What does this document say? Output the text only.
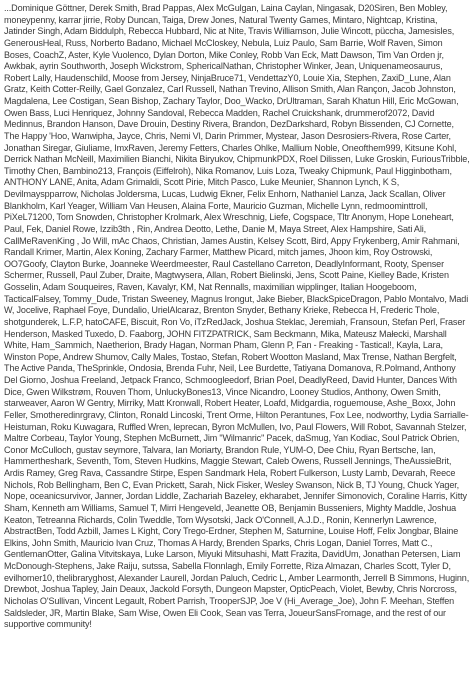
...Dominique Göttner, Derek Smith, Brad Pappas, Alex McGulgan, Laina Caylan, Ningasak, D20Siren, Ben Mobley, moneypenny, karrar jirrie, Roby Duncan, Taiga, Drew Jones, Natural Twenty Games, Mintaro, Nightcap, Kristina, Jatinder Singh, Adam Biddulph, Rebecca Hubbard, Nic at Nite, Travis Williamson, Julie Wincott, püccha, Jamesisles, GenerousHeal, Russ, Norberto Badano, Michael McCloskey, Nebula, Luiz Paulo, Sam Barrie, Wolf Raven, Simon Boses, CoachZ, Aster, Kyle Vuolenco, Dylan Dorton, Mike Conley, Robb Van Eck, Matt Dawson, Tim Van Orden jr, Awkbak, ayrin Southworth, Joseph Wickstrom, SphericalNathan, Christopher Winker, Jean, Uniquenameosaurus, Robert Lally, Haudenschild, Moose from Jersey, NinjaBruce71, VendettazY0, Louie Xia, Stephen, ZaxiD_Lune, Alan Gratz, Keith Cotter-Reilly, Gael Gonzalez, Carl Russell, Nathan Trevino, Allison Smith, Alan Rançon, Jacob Johnston, Magdalena, Lee Costigan, Sean Bishop, Zachary Taylor, Doo_Wacko, DrUltraman, Sarah Khatun Hill, Eric McGowan, Owen Bass, Luci Henriquez, Johnny Sandoval, Rebecca Madden, Rachel Cruickshank, drummerof2072, David Medinnus, Brandon Hanson, Dave Drouin, Destiny Rivera, Brandon, DezDarkshard, Robyn Bissenden, CJ Cornette, The Happy 'Hoo, Wanwipha, Jayce, Chris, Nemi Vl, Darin Primmer, Mystear, Jason Desrosiers-Rivera, Rose Carter, Jonathan Siregar, Giuliame, ImxRaven, Jeremy Fetters, Charles Ohlke, Mallium Noble, Oneofthem999, Kitsune Kohl, Derrick Nathan McNeill, Maximilien Bianchi, Nikita Biryukov, ChipmunkPDX, Roel Dilissen, Luke Groskin, FuriousTribble, Timothy Chen, Bambino213, François (Eiffelroh), Nika Romanov, Luis Loza, Tweaky Chipmunk, Paul Higginbotham, ANTHONY LANE, Anita, Adam Grimaldi, Scott Pirie, Mitch Pasco, Luke Meunier, Shannon Lynch, K S, Devilmayspparrow, Nicholas Joldersma, Lucas, Ludwig Ekner, Felix Enhorn, Nathaniel Lanza, Jack Scallan, Oliver Blankholm, Karl Yeager, William Van Heusen, Alaina Forte, Mauricio Guzman, Michelle Lynn, redmoominttroll, PiXeL71200, Tom Snowden, Christopher Krolmark, Alex Wreschnig, Liefe, Cogspace, Tltr Anonym, Hope Loneheart, Paul, Fek, Daniel Rowe, Izzib3th , Rin, Andrea Deotto, Lethe, Danie M, Maya Street, Alex Hampshire, Sati Ali, CallMeRavenKing , Jo Will, mAc Chaos, Christian, James Austin, Kelsey Scott, Bird, Appy Frykenberg, Amir Rahmani, Randall Krimer, Martin, Alex Koning, Zachary Farmer, Matthew Picard, mitch james, Jhoon kim, Roy Ostrowski, OO7Goofy, Clayton Burke, Joanneke Weerdmeester, Raul Castellano Carreton, DeadlyInformant, Rooty, Spenser Schermer, Russell, Paul Zuber, Draite, Magtwysera, Allan, Robert Bielinski, Jens, Scott Paine, Kielley Bade, Kristen Gosselin, Adam Souqueires, Raven, Kavalyr, KM, Nat Rennalls, maximilian wipplinger, Italian Hoogeboom, TacticalFalsey, Tommy_Dude, Tristan Sweeney, Magnus Irongut, Jake Bieber, BlackSpiceDragon, Pablo Montalvo, Madi W, Jocelive, Raphael Foye, Dundalio, UrielAlcaraz, Brenton Snyder, Bethany Krieke, Rebecca H, Frederic Thole, shotgunderek, L.F.P, hatoCAFE, Biscuit, Ron Vo, iTzRedJack, Joshua Steklac, Jeremiah, Fransoun, Stefan Perl, Fraser Henderson, Masked Tuxedo, D. Faaborg, JOHN FITZPATRICK, Sam Beckmann, Mika, Mateusz Małecki, Marshall White, Ham_Sammich, Naetherion, Brady Hagan, Norman Pham, Glenn P, Fan - Freaking - Tastical!, Kayla, Lara, Winston Pope, Andrew Shumov, Cally Males, Tostao, Stefan, Robert Wootton Masland, Max Trense, Nathan Bergfelt, The Active Panda, TheSprinkle, Ondosia, Brenda Fuhr, Neil, Lee Burdette, Tatiyana Domanova, R.Polmand, Anthony Del Giorno, Joshua Freeland, Jetpack Franco, Schmoogleedorf, Brian Poel, DeadlyReed, David Hunter, Dances With Dice, Gwen Wilkstrøm, Rouven Thom, UnluckyBones13, Vince Nicandro, Looney Studios, Anthony, Owen Smith, starweaver, Aaron W Gentry, Mirriky, Matt Kronwall, Robert Heater, Loafd, Midgardia, roguemouse, Ashe_Boxx, John Feller, Smotheredinrgravy, Clinton, Ronald Lincoski, Trent Orme, Hilton Perantunes, Fox Lee, nodworthy, Lydia Sarrialle-Heistuman, Roku Kuwagara, Ruffled Wren, leprecan, Byron McMullen, Ivo, Paul Flowers, Will Robot, Savannah Stelzer, Maltre Corbeau, Taylor Young, Stephen McBurnett, Jim "Wilmanric" Pacek, daSmug, Yan Kodiac, Soul Patrick Obrien, Conor McCulloch, gustav seymore, Talvara, Ian Moriarty, Brandon Rule, YUM-O, Dee Chiu, Ryan Bertsche, Ian, Hammertheshark, Seventh, Tom, Steven Hudkins, Maggie Stewart, Caleb Owens, Russell Jennings, TheAussieBrit, Ardis Ramey, Greg Rava, Cassandre Stirpe, Espen Sandmark Hela, Robert Fulkerson, Lusty Lamb, Devarah, Reece Nichols, Rob Bellingham, Ben C, Evan Prickett, Sarah, Nick Fisker, Wesley Swanson, Nick B, TJ Young, Chuck Yager, Nope, oceanicsurvivor, Janner, Jordan Liddle, Zachariah Bazeley, ekharabet, Jennifer Simonovich, Coraline Harris, Kitty Sham, Kenneth am Williams, Samuel T, Mirri Hengeveld, Jeanette OB, Benjamin Busseniers, Mighty Maddle, Joshua Keaton, Tetreanna Richards, Colin Tweddle, Tom Wysotski, Jack O'Connell, A.J.D., Ronin, Kennerlyn Lawrence, AbstractBen, Todd Azbill, James L Kight, Cory Trego-Erdner, Stephen M, Saturnine, Louise Hoff, Felix Jongbar, Blaine Elkins, John Smith, Mauricio Ivan Cruz, Thomas A Hardy, Brenden Sparks, Chris Logan, Daniel Torres, Matt C., GentlemanOtter, Galina Vitvitskaya, Luke Larson, Miyuki Mitsuhashi, Matt Frazita, DavidUm, Jonathan Petersen, Liam McDonough-Stephens, Jake Raiju, sutssa, Sabella Flonnlagh, Emily Forrette, Riza Almazan, Charles Scott, Tyler D, evilhomer10, thelibraryghost, Alexander Laurell, Jordan Paluch, Cedric L, Amber Learmonth, Jerrell B Simmons, Huginn, Drewbot, Joshua Tapley, Jain Deaux, Jackold Forsyth, Dungeon Mapster, OpticPeach, Violet, Bewby, Chris Norcross, Nicholas O'Sullivan, Vincent Legault, Robert Parrish, TrooperSJP, Joe V (Hi_Average_Joe), John F. Meehan, Steffen Saldsleder, JR, Martin Blake, Sam Wise, Owen Eli Cook, Sean vas Terra, JoueurSansFromage, and the rest of our supportive community!
